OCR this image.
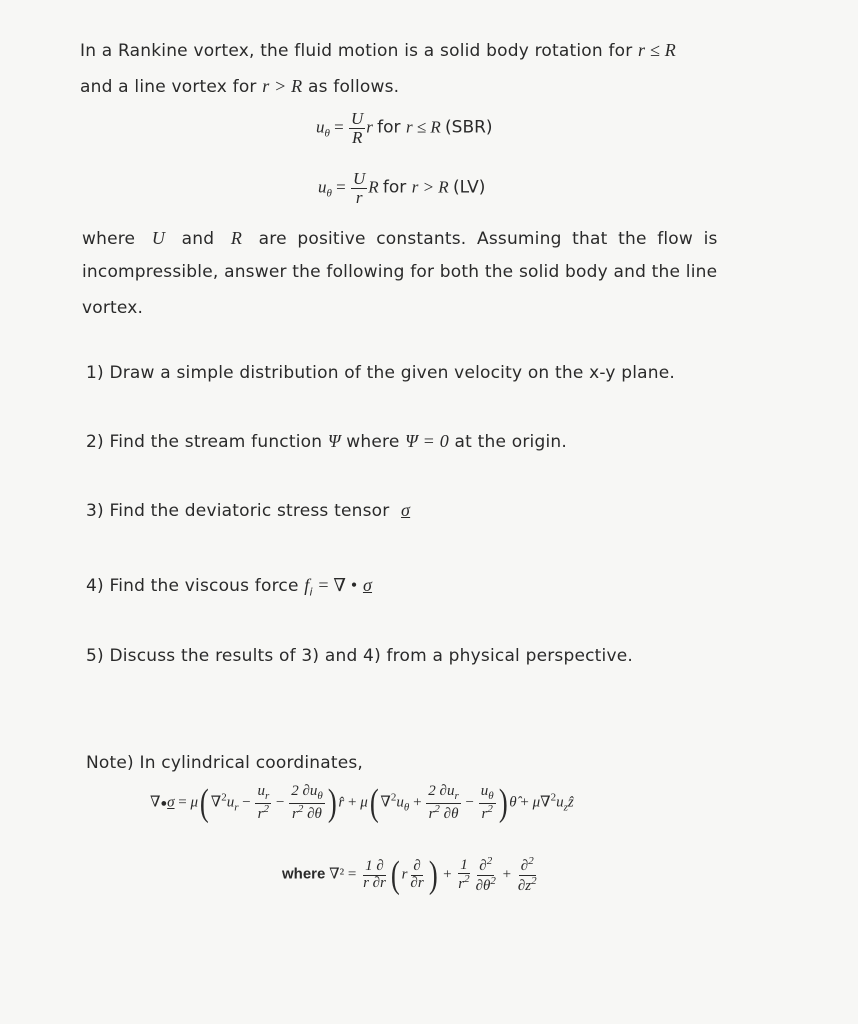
In a Rankine vortex, the fluid motion is a solid body rotation for r ≤ R
and a line vortex for r > R as follows.
$u_\theta = \frac{U}{R}$ r for r ≤ R (SBR)
$u_\theta = \frac{U}{r}$ R for r > R (LV)
where U and R are positive constants. Assuming that the flow is
incompressible, answer the following for both the solid body and the line
vortex.
1) Draw a simple distribution of the given velocity on the x-y plane.
2) Find the stream function Ψ where Ψ = 0 at the origin.
3) Find the deviatoric stress tensor σ
4) Find the viscous force $f_i$ = ∇ • σ
5) Discuss the results of 3) and 4) from a physical perspective.
Note) In cylindrical coordinates,
∇●σ = μ( $\nabla^2u_r - \frac{u_r}{r^2} - \frac{2 \partial u_\theta}{r^2 \partial\theta}$ ) r̂ + μ( $\nabla^2u_\theta + \frac{2 \partial u_r}{r^2 \partial\theta} - \frac{u_\theta}{r^2}$ ) θ̂ + $\mu\nabla^2u_zẑ$
where $\nabla^2 = \frac{1 \partial}{r \partial r}$ ( r $\frac{\partial}{\partial r}$ ) + $\frac{1}{r^2} \frac{\partial^2}{\partial\theta^2} + \frac{\partial^2}{\partial z^2}$
